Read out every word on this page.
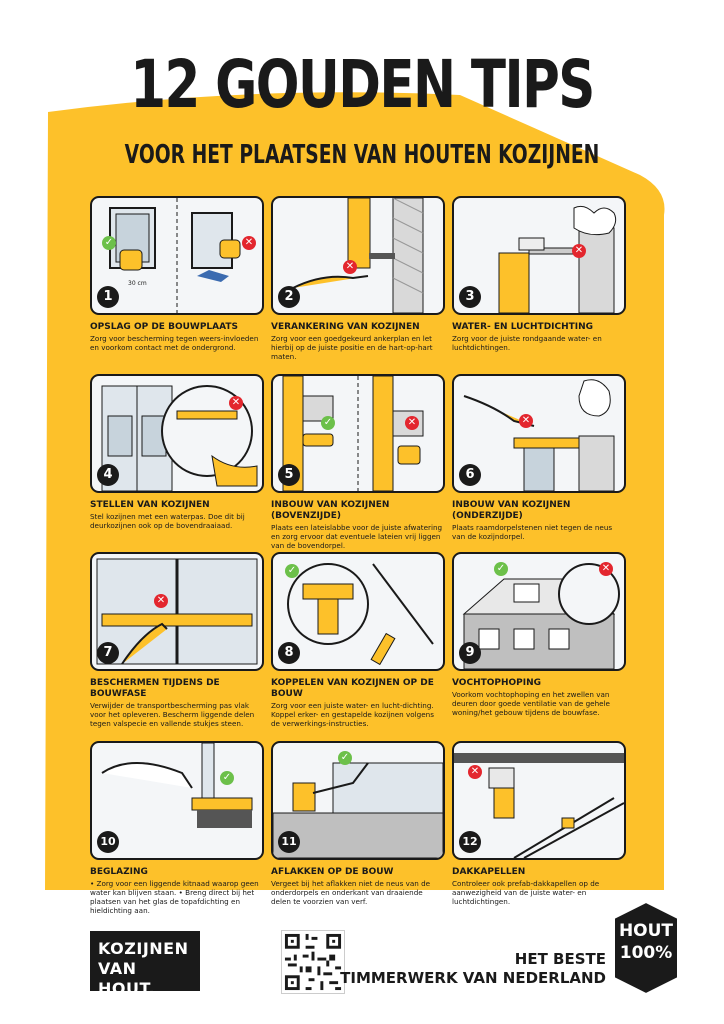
12 GOUDEN TIPS
VOOR HET PLAATSEN VAN HOUTEN KOZIJNEN
✓	✕
30 cm
1
OPSLAG OP DE BOUWPLAATS

Zorg voor bescherming tegen weers-invloeden en voorkom contact met de ondergrond.

✕
2
VERANKERING VAN KOZIJNEN

Zorg voor een goedgekeurd ankerplan en let hierbij op de juiste positie en de hart-op-hart maten.

✕
3
WATER- EN LUCHTDICHTING

Zorg voor de juiste rondgaande water- en luchtdichtingen.

✕
4
STELLEN VAN KOZIJNEN

Stel kozijnen met een waterpas. Doe dit bij deurkozijnen ook op de bovendraaiaad.

✓	✕
5
INBOUW VAN KOZIJNEN (BOVENZIJDE)

Plaats een lateislabbe voor de juiste afwatering en zorg ervoor dat eventuele lateien vrij liggen van de bovendorpel.

✕
6
INBOUW VAN KOZIJNEN (ONDERZIJDE)

Plaats raamdorpelstenen niet tegen de neus van de kozijndorpel.

✕
7
BESCHERMEN TIJDENS DE BOUWFASE

Verwijder de transportbescherming pas vlak voor het opleveren. Bescherm liggende delen tegen valspecie en vallende stukjes steen.

✓
8
KOPPELEN VAN KOZIJNEN OP DE BOUW

Zorg voor een juiste water- en lucht-dichting. Koppel erker- en gestapelde kozijnen volgens de verwerkings-instructies.

✓	✕
9
VOCHTOPHOPING

Voorkom vochtophoping en het zwellen van deuren door goede ventilatie van de gehele woning/het gebouw tijdens de bouwfase.

✓
10
BEGLAZING

• Zorg voor een liggende kitnaad waarop geen water kan blijven staan. • Breng direct bij het plaatsen van het glas de topafdichting en hieldichting aan.

✓
11
AFLAKKEN OP DE BOUW

Vergeet bij het aflakken niet de neus van de onderdorpels en onderkant van draaiende delen te voorzien van verf.

✕
12
DAKKAPELLEN

Controleer ook prefab-dakkapellen op de aanwezigheid van de juiste water- en luchtdichtingen.

KOZIJNEN
VAN HOUT.
HET BESTE
TIMMERWERK VAN NEDERLAND
HOUT
100%
